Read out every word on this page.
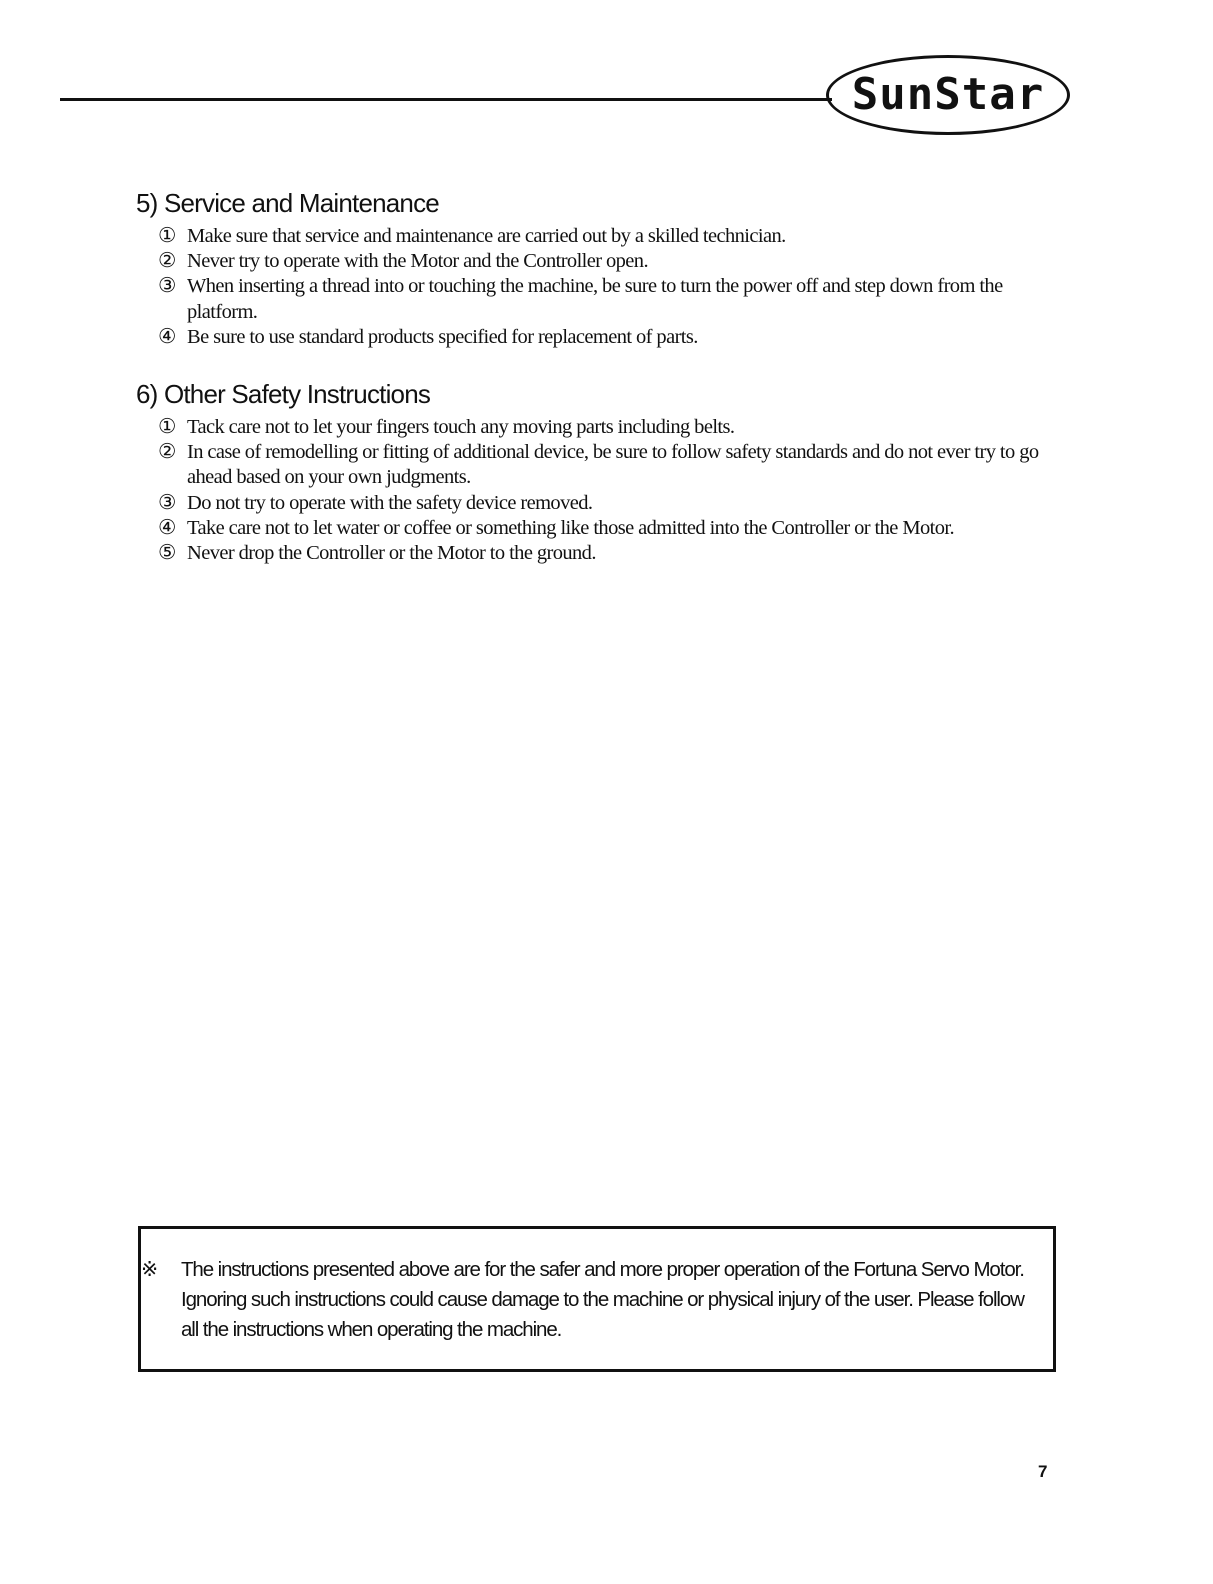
SunStar
5) Service and Maintenance
① Make sure that service and maintenance are carried out by a skilled technician.
② Never try to operate with the Motor and the Controller open.
③ When inserting a thread into or touching the machine, be sure to turn the power off and step down from the platform.
④ Be sure to use standard products specified for replacement of parts.
6) Other Safety Instructions
① Tack care not to let your fingers touch any moving parts including belts.
② In case of remodelling or fitting of additional device, be sure to follow safety standards and do not ever try to go ahead based on your own judgments.
③ Do not try to operate with the safety device removed.
④ Take care not to let water or coffee or something like those admitted into the Controller or the Motor.
⑤ Never drop the Controller or the Motor to the ground.
※ The instructions presented above are for the safer and more proper operation of the Fortuna Servo Motor. Ignoring such instructions could cause damage to the machine or physical injury of the user. Please follow all the instructions when operating the machine.
7
